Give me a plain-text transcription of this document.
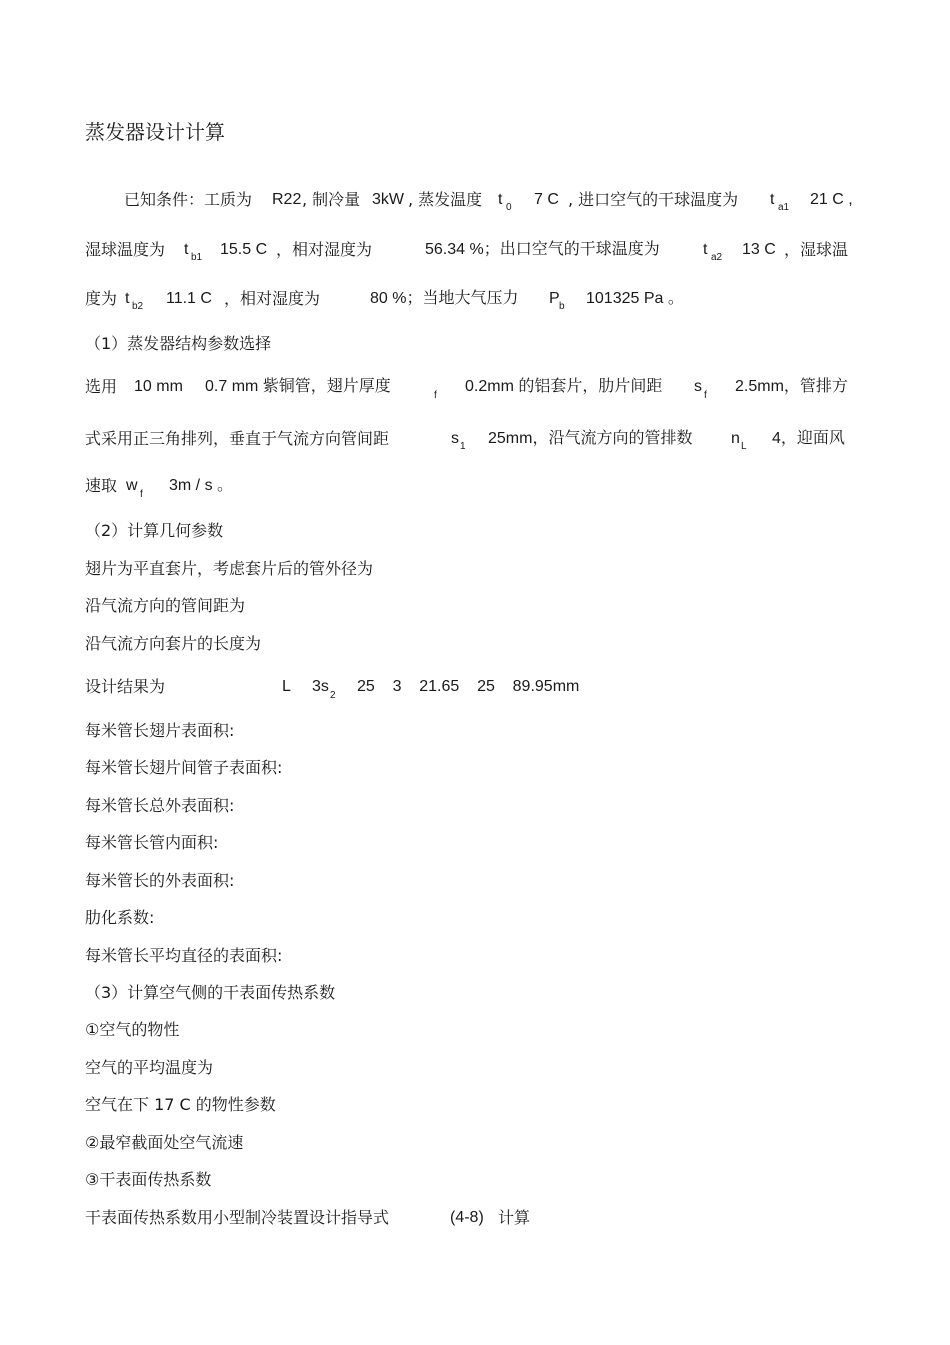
蒸发器设计计算
已知条件：工质为 R22 , 制冷量 3kW , 蒸发温度 t 0 7 C , 进口空气的干球温度为 t a1 21 C ,
湿球温度为 t b1 15.5 C ，相对湿度为	56.34 %；出口空气的干球温度为	t a2 13 C ，湿球温
度为 t b2 11.1 C ，相对湿度为	80 %；当地大气压力 P b 101325 Pa 。
（1）蒸发器结构参数选择
选用 10 mm 0.7 mm 紫铜管，翅片厚度
f
0.2mm 的铝套片，肋片间距 s
f
2.5mm，管排方
式采用正三角排列，垂直于气流方向管间距	s 1 25mm，沿气流方向的管排数 n L 4，迎面风
速取 w
f
3m / s 。
（2）计算几何参数
翅片为平直套片，考虑套片后的管外径为
沿气流方向的管间距为
沿气流方向套片的长度为
设计结果为	L 3s
2
25    3    21.65    25    89.95mm
每米管长翅片表面积:
每米管长翅片间管子表面积:
每米管长总外表面积:
每米管长管内面积:
每米管长的外表面积:
肋化系数:
每米管长平均直径的表面积:
（3）计算空气侧的干表面传热系数
①空气的物性
空气的平均温度为
空气在下 17 C 的物性参数
②最窄截面处空气流速
③干表面传热系数
干表面传热系数用小型制冷装置设计指导式	(4-8) 计算
